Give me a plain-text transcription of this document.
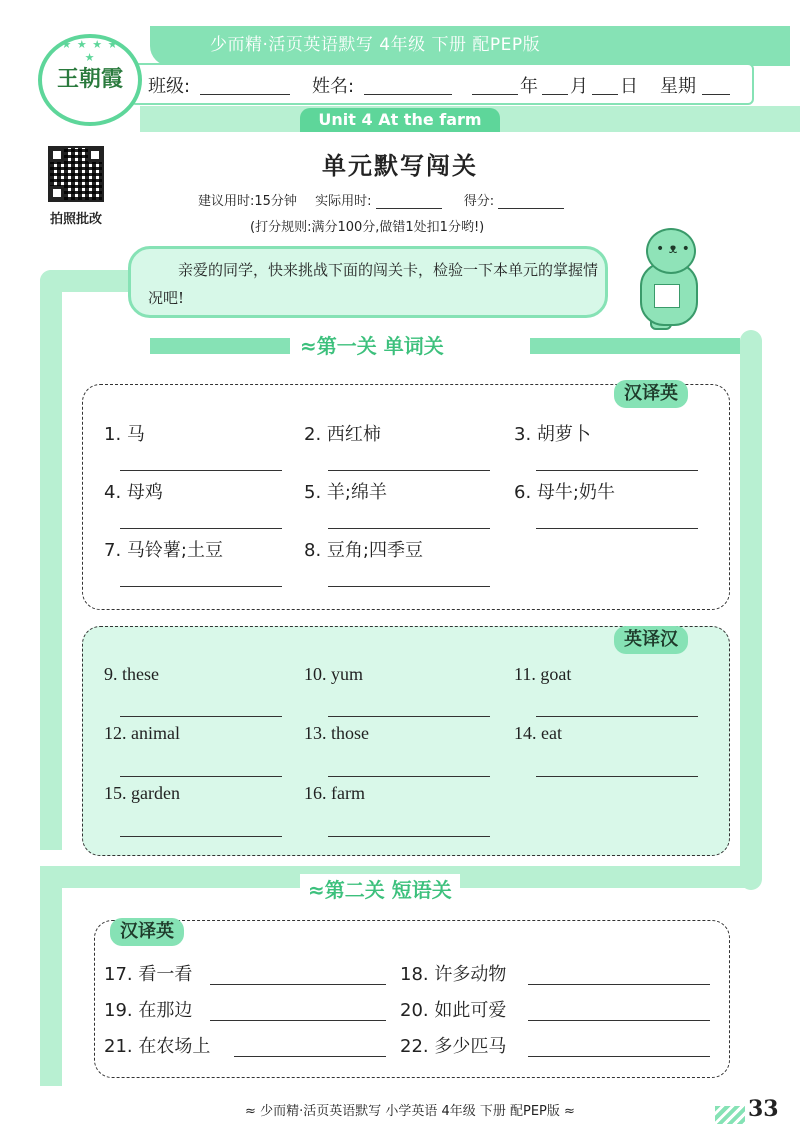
少而精·活页英语默写 4年级 下册 配PEP版
班级:	姓名:	年 月 日 星期
★ ★ ★ ★ ★
王朝霞
Unit 4 At the farm
拍照批改
单元默写闯关
建议用时:15分钟 实际用时:	得分:
(打分规则:满分100分,做错1处扣1分哟!)
亲爱的同学，快来挑战下面的闯关卡，检验一下本单元的掌握情况吧!
• ᴥ •
≈第一关 单词关
汉译英
1. 马	2. 西红柿	3. 胡萝卜
4. 母鸡	5. 羊;绵羊	6. 母牛;奶牛
7. 马铃薯;土豆	8. 豆角;四季豆
英译汉
9. these	10. yum	11. goat
12. animal	13. those	14. eat
15. garden	16. farm
≈第二关 短语关
汉译英
17. 看一看	18. 许多动物
19. 在那边	20. 如此可爱
21. 在农场上	22. 多少匹马
≈ 少而精·活页英语默写 小学英语 4年级 下册 配PEP版 ≈	33
